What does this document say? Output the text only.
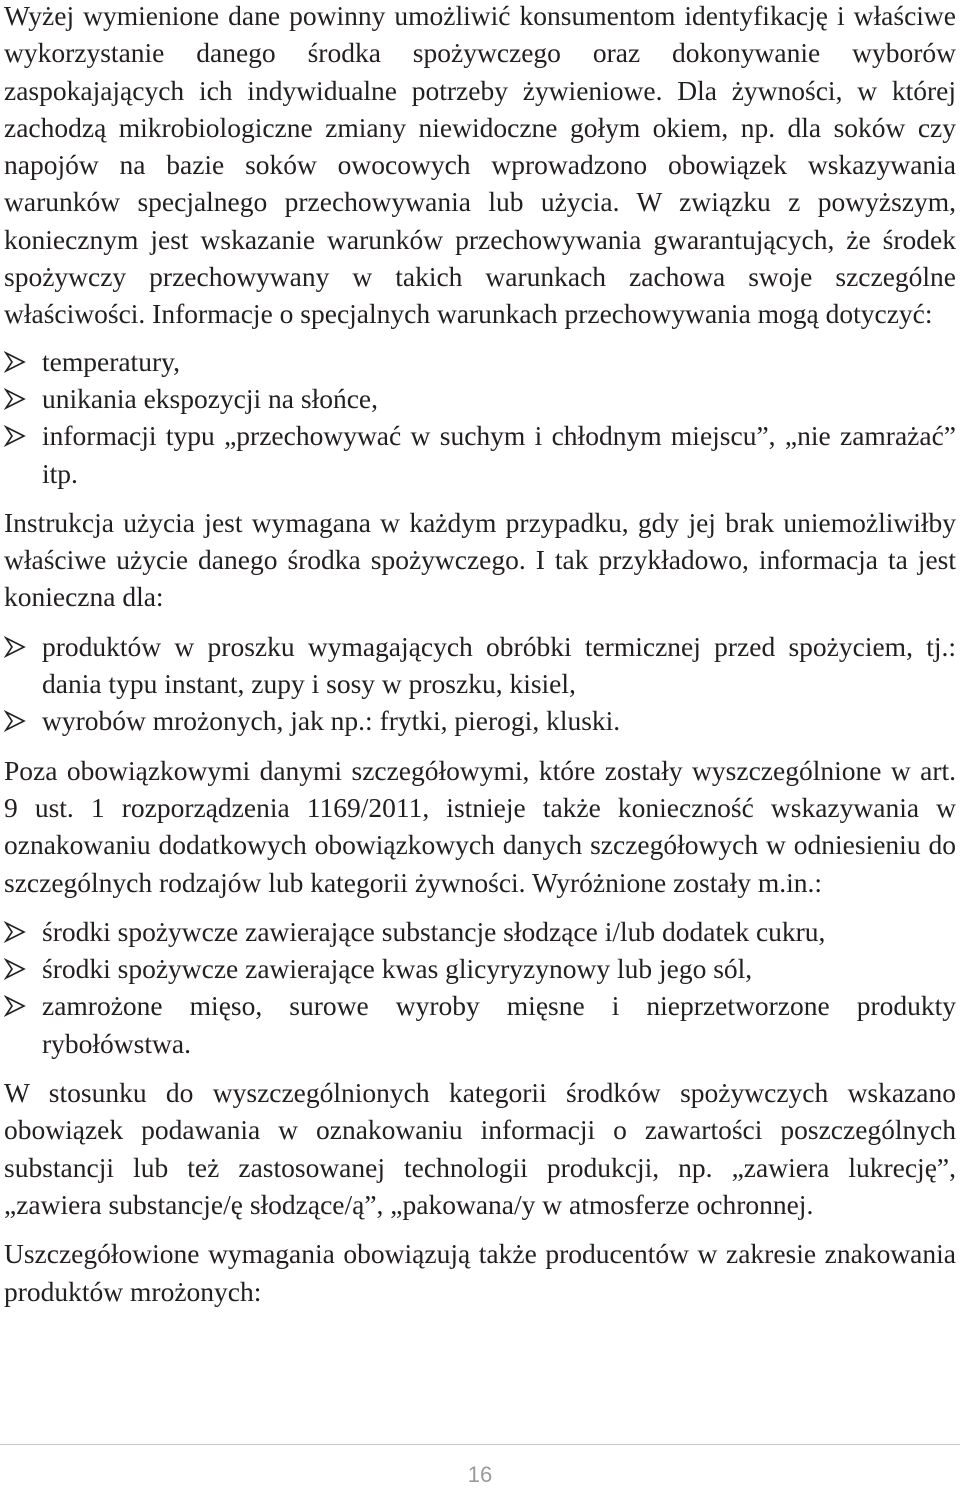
Wyżej wymienione dane powinny umożliwić konsumentom identyfikację i właściwe wykorzystanie danego środka spożywczego oraz dokonywanie wyborów zaspokajających ich indywidualne potrzeby żywieniowe. Dla żywności, w której zachodzą mikrobiologiczne zmiany niewidoczne gołym okiem, np. dla soków czy napojów na bazie soków owocowych wprowadzono obowiązek wskazywania warunków specjalnego przechowywania lub użycia. W związku z powyższym, koniecznym jest wskazanie warunków przechowywania gwarantujących, że środek spożywczy przechowywany w takich warunkach zachowa swoje szczególne właściwości. Informacje o specjalnych warunkach przechowywania mogą dotyczyć:

temperatury,
unikania ekspozycji na słońce,
informacji typu „przechowywać w suchym i chłodnym miejscu”, „nie zamrażać” itp.

Instrukcja użycia jest wymagana w każdym przypadku, gdy jej brak uniemożliwiłby właściwe użycie danego środka spożywczego. I tak przykładowo, informacja ta jest konieczna dla:

produktów w proszku wymagających obróbki termicznej przed spożyciem, tj.: dania typu instant, zupy i sosy w proszku, kisiel,
wyrobów mrożonych, jak np.: frytki, pierogi, kluski.

Poza obowiązkowymi danymi szczegółowymi, które zostały wyszczególnione w art. 9 ust. 1 rozporządzenia 1169/2011, istnieje także konieczność wskazywania w oznakowaniu dodatkowych obowiązkowych danych szczegółowych w odniesieniu do szczególnych rodzajów lub kategorii żywności. Wyróżnione zostały m.in.:

środki spożywcze zawierające substancje słodzące i/lub dodatek cukru,
środki spożywcze zawierające kwas glicyryzynowy lub jego sól,
zamrożone mięso, surowe wyroby mięsne i nieprzetworzone produkty rybołówstwa.

W stosunku do wyszczególnionych kategorii środków spożywczych wskazano obowiązek podawania w oznakowaniu informacji o zawartości poszczególnych substancji lub też zastosowanej technologii produkcji, np. „zawiera lukrecję”, „zawiera substancje/ę słodzące/ą”, „pakowana/y w atmosferze ochronnej.

Uszczegółowione wymagania obowiązują także producentów w zakresie znakowania produktów mrożonych:

16
